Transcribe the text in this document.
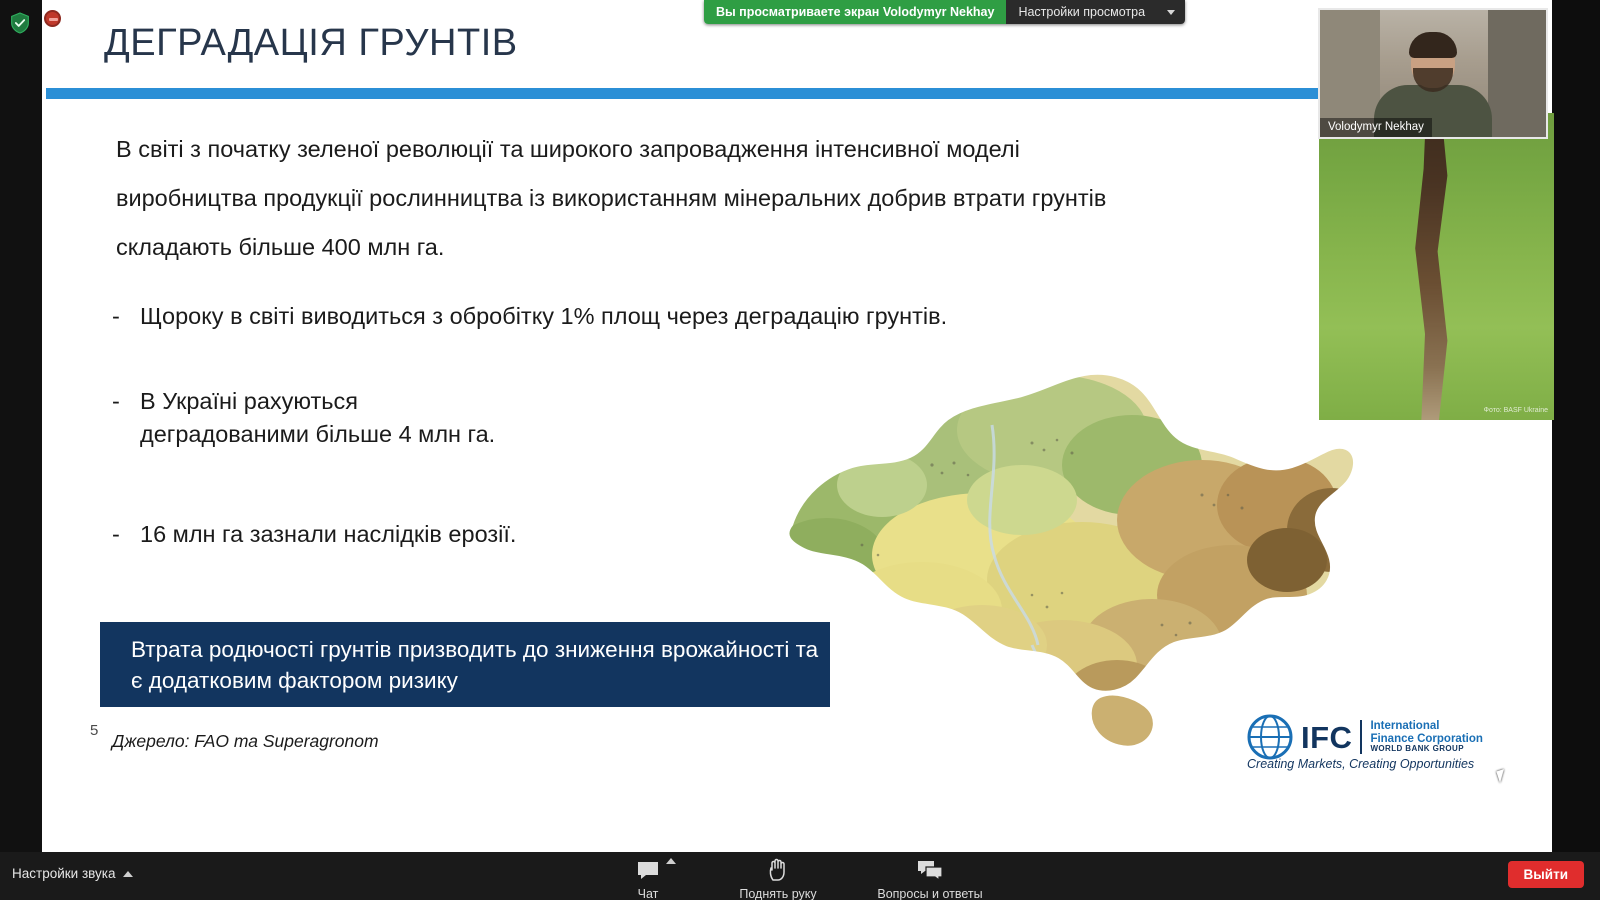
Вы просматриваете экран Volodymyr Nekhay	Настройки просмотра
ДЕГРАДАЦІЯ ГРУНТІВ
В світі з початку зеленої революції та широкого запровадження інтенсивної моделі виробництва продукції рослинництва із використанням мінеральних добрив втрати грунтів складають більше 400 млн га.
- Щороку в світі виводиться з обробітку 1% площ через деградацію грунтів.
- В Україні рахуються деградованими більше 4 млн га.
- 16 млн га зазнали наслідків ерозії.
Втрата родючості грунтів призводить до зниження врожайності та є додатковим фактором ризику
5
Джерело: FAO та Superagronom	IFC International
Finance Corporation
WORLD BANK GROUP
Creating Markets, Creating Opportunities
Фото: BASF Ukraine
Volodymyr Nekhay
Настройки звука
Чат	Поднять руку	Вопросы и ответы
Выйти
